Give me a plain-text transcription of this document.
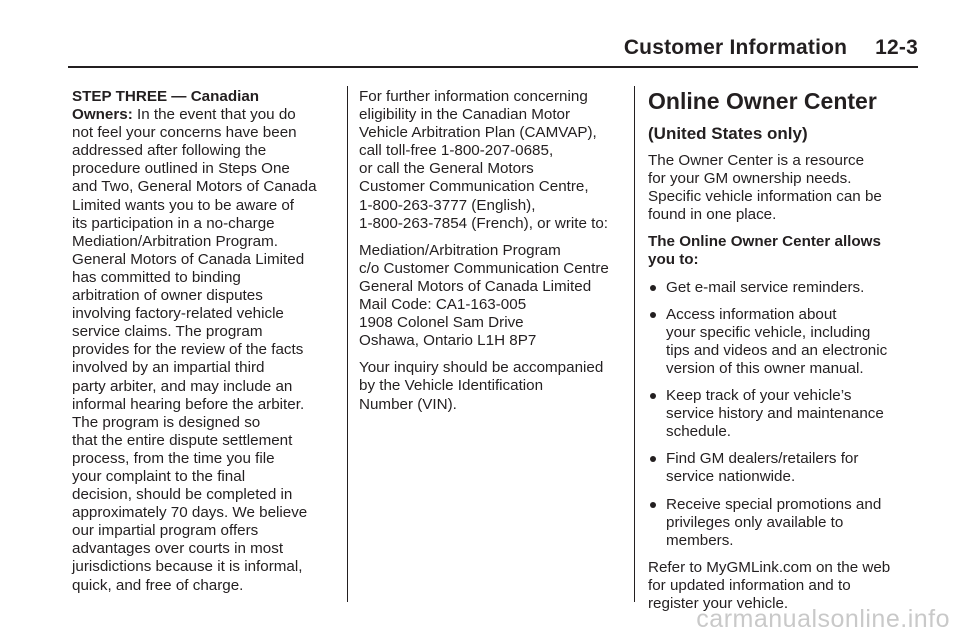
Customer Information 12-3

STEP THREE — Canadian
Owners: In the event that you do
not feel your concerns have been
addressed after following the
procedure outlined in Steps One
and Two, General Motors of Canada
Limited wants you to be aware of
its participation in a no-charge
Mediation/Arbitration Program.
General Motors of Canada Limited
has committed to binding
arbitration of owner disputes
involving factory-related vehicle
service claims. The program
provides for the review of the facts
involved by an impartial third
party arbiter, and may include an
informal hearing before the arbiter.
The program is designed so
that the entire dispute settlement
process, from the time you file
your complaint to the final
decision, should be completed in
approximately 70 days. We believe
our impartial program offers
advantages over courts in most
jurisdictions because it is informal,
quick, and free of charge.

For further information concerning
eligibility in the Canadian Motor
Vehicle Arbitration Plan (CAMVAP),
call toll-free 1-800-207-0685,
or call the General Motors
Customer Communication Centre,
1-800-263-3777 (English),
1-800-263-7854 (French), or write to:

Mediation/Arbitration Program
c/o Customer Communication Centre
General Motors of Canada Limited
Mail Code: CA1-163-005
1908 Colonel Sam Drive
Oshawa, Ontario L1H 8P7

Your inquiry should be accompanied
by the Vehicle Identification
Number (VIN).

Online Owner Center
(United States only)

The Owner Center is a resource
for your GM ownership needs.
Specific vehicle information can be
found in one place.

The Online Owner Center allows
you to:

Get e-mail service reminders.
Access information about
your specific vehicle, including
tips and videos and an electronic
version of this owner manual.
Keep track of your vehicle’s
service history and maintenance
schedule.
Find GM dealers/retailers for
service nationwide.
Receive special promotions and
privileges only available to
members.

Refer to MyGMLink.com on the web
for updated information and to
register your vehicle.

carmanualsonline.info
